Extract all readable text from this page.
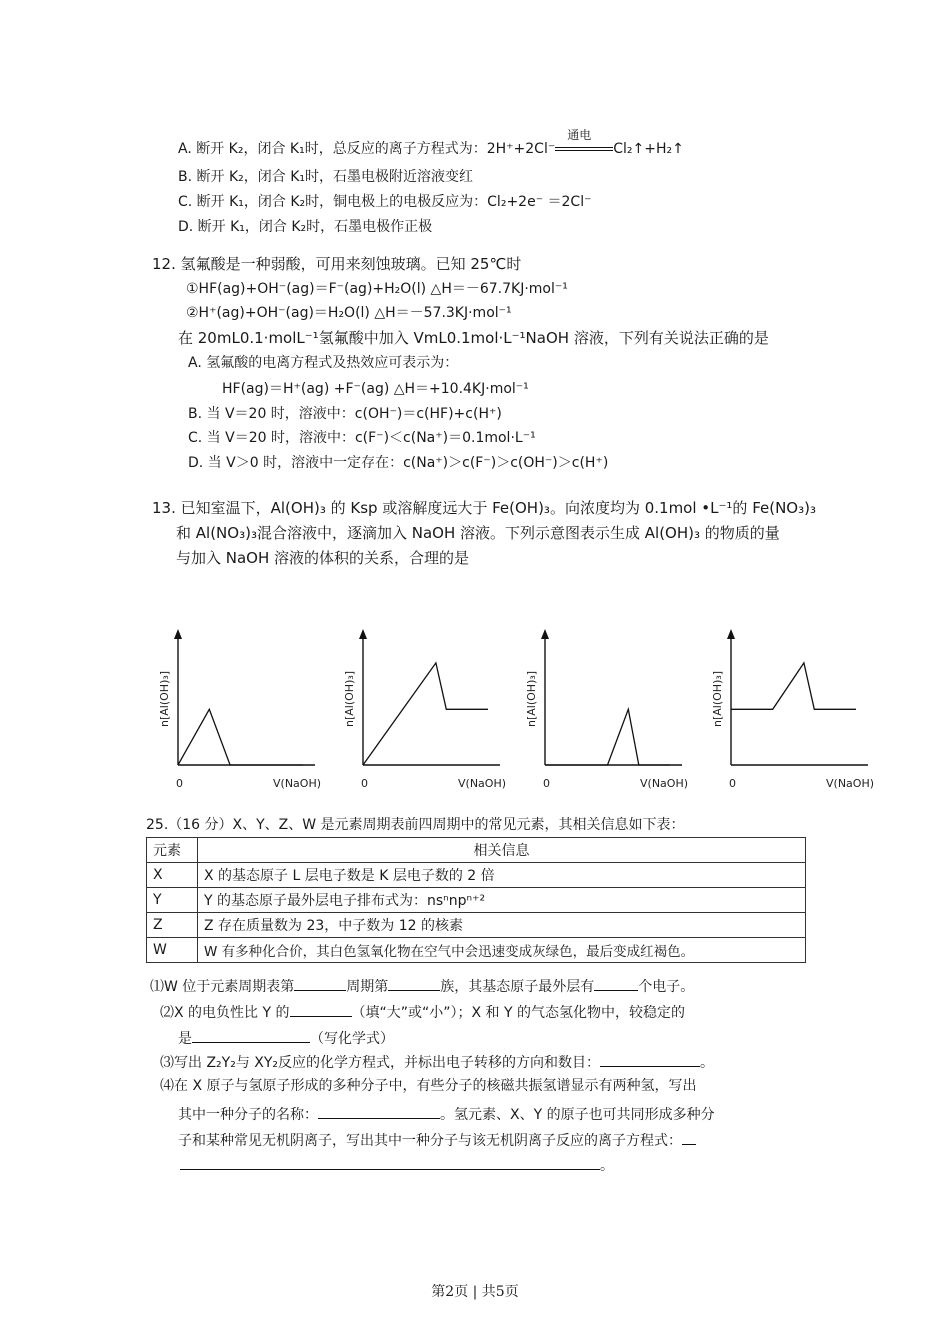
A. 断开 K₂，闭合 K₁时，总反应的离子方程式为：2H⁺+2Cl⁻
通电
Cl₂↑+H₂↑
B. 断开 K₂，闭合 K₁时，石墨电极附近溶液变红
C. 断开 K₁，闭合 K₂时，铜电极上的电极反应为：Cl₂+2e⁻ ＝2Cl⁻
D. 断开 K₁，闭合 K₂时，石墨电极作正极
12. 氢氟酸是一种弱酸，可用来刻蚀玻璃。已知 25℃时
①HF(ag)+OH⁻(ag)＝F⁻(ag)+H₂O(l) △H＝－67.7KJ·mol⁻¹
②H⁺(ag)+OH⁻(ag)＝H₂O(l) △H＝－57.3KJ·mol⁻¹
在 20mL0.1·molL⁻¹氢氟酸中加入 VmL0.1mol·L⁻¹NaOH 溶液，下列有关说法正确的是
A. 氢氟酸的电离方程式及热效应可表示为：
HF(ag)＝H⁺(ag) +F⁻(ag) △H＝+10.4KJ·mol⁻¹
B. 当 V＝20 时，溶液中：c(OH⁻)＝c(HF)+c(H⁺)
C. 当 V＝20 时，溶液中：c(F⁻)＜c(Na⁺)＝0.1mol·L⁻¹
D. 当 V＞0 时，溶液中一定存在：c(Na⁺)＞c(F⁻)＞c(OH⁻)＞c(H⁺)
13. 已知室温下，Al(OH)₃ 的 Ksp 或溶解度远大于 Fe(OH)₃。向浓度均为 0.1mol •L⁻¹的 Fe(NO₃)₃
和 Al(NO₃)₃混合溶液中，逐滴加入 NaOH 溶液。下列示意图表示生成 Al(OH)₃ 的物质的量
与加入 NaOH 溶液的体积的关系，合理的是
0	V(NaOH)
n[Al(OH)₃]
0	V(NaOH)
n[Al(OH)₃]
0	V(NaOH)
n[Al(OH)₃]
0	V(NaOH)
n[Al(OH)₃]
25.（16 分）X、Y、Z、W 是元素周期表前四周期中的常见元素，其相关信息如下表：
元素	相关信息
X	X 的基态原子 L 层电子数是 K 层电子数的 2 倍
Y	Y 的基态原子最外层电子排布式为：nsⁿnpⁿ⁺²
Z	Z 存在质量数为 23，中子数为 12 的核素
W	W 有多种化合价，其白色氢氧化物在空气中会迅速变成灰绿色，最后变成红褐色。
⑴W 位于元素周期表第	周期第	族，其基态原子最外层有	个电子。
⑵X 的电负性比 Y 的	（填“大”或“小”）；X 和 Y 的气态氢化物中，较稳定的
是	（写化学式）
⑶写出 Z₂Y₂与 XY₂反应的化学方程式，并标出电子转移的方向和数目：	。
⑷在 X 原子与氢原子形成的多种分子中，有些分子的核磁共振氢谱显示有两种氢，写出
其中一种分子的名称：	。氢元素、X、Y 的原子也可共同形成多种分
子和某种常见无机阴离子，写出其中一种分子与该无机阴离子反应的离子方程式：
。
第2页 | 共5页
